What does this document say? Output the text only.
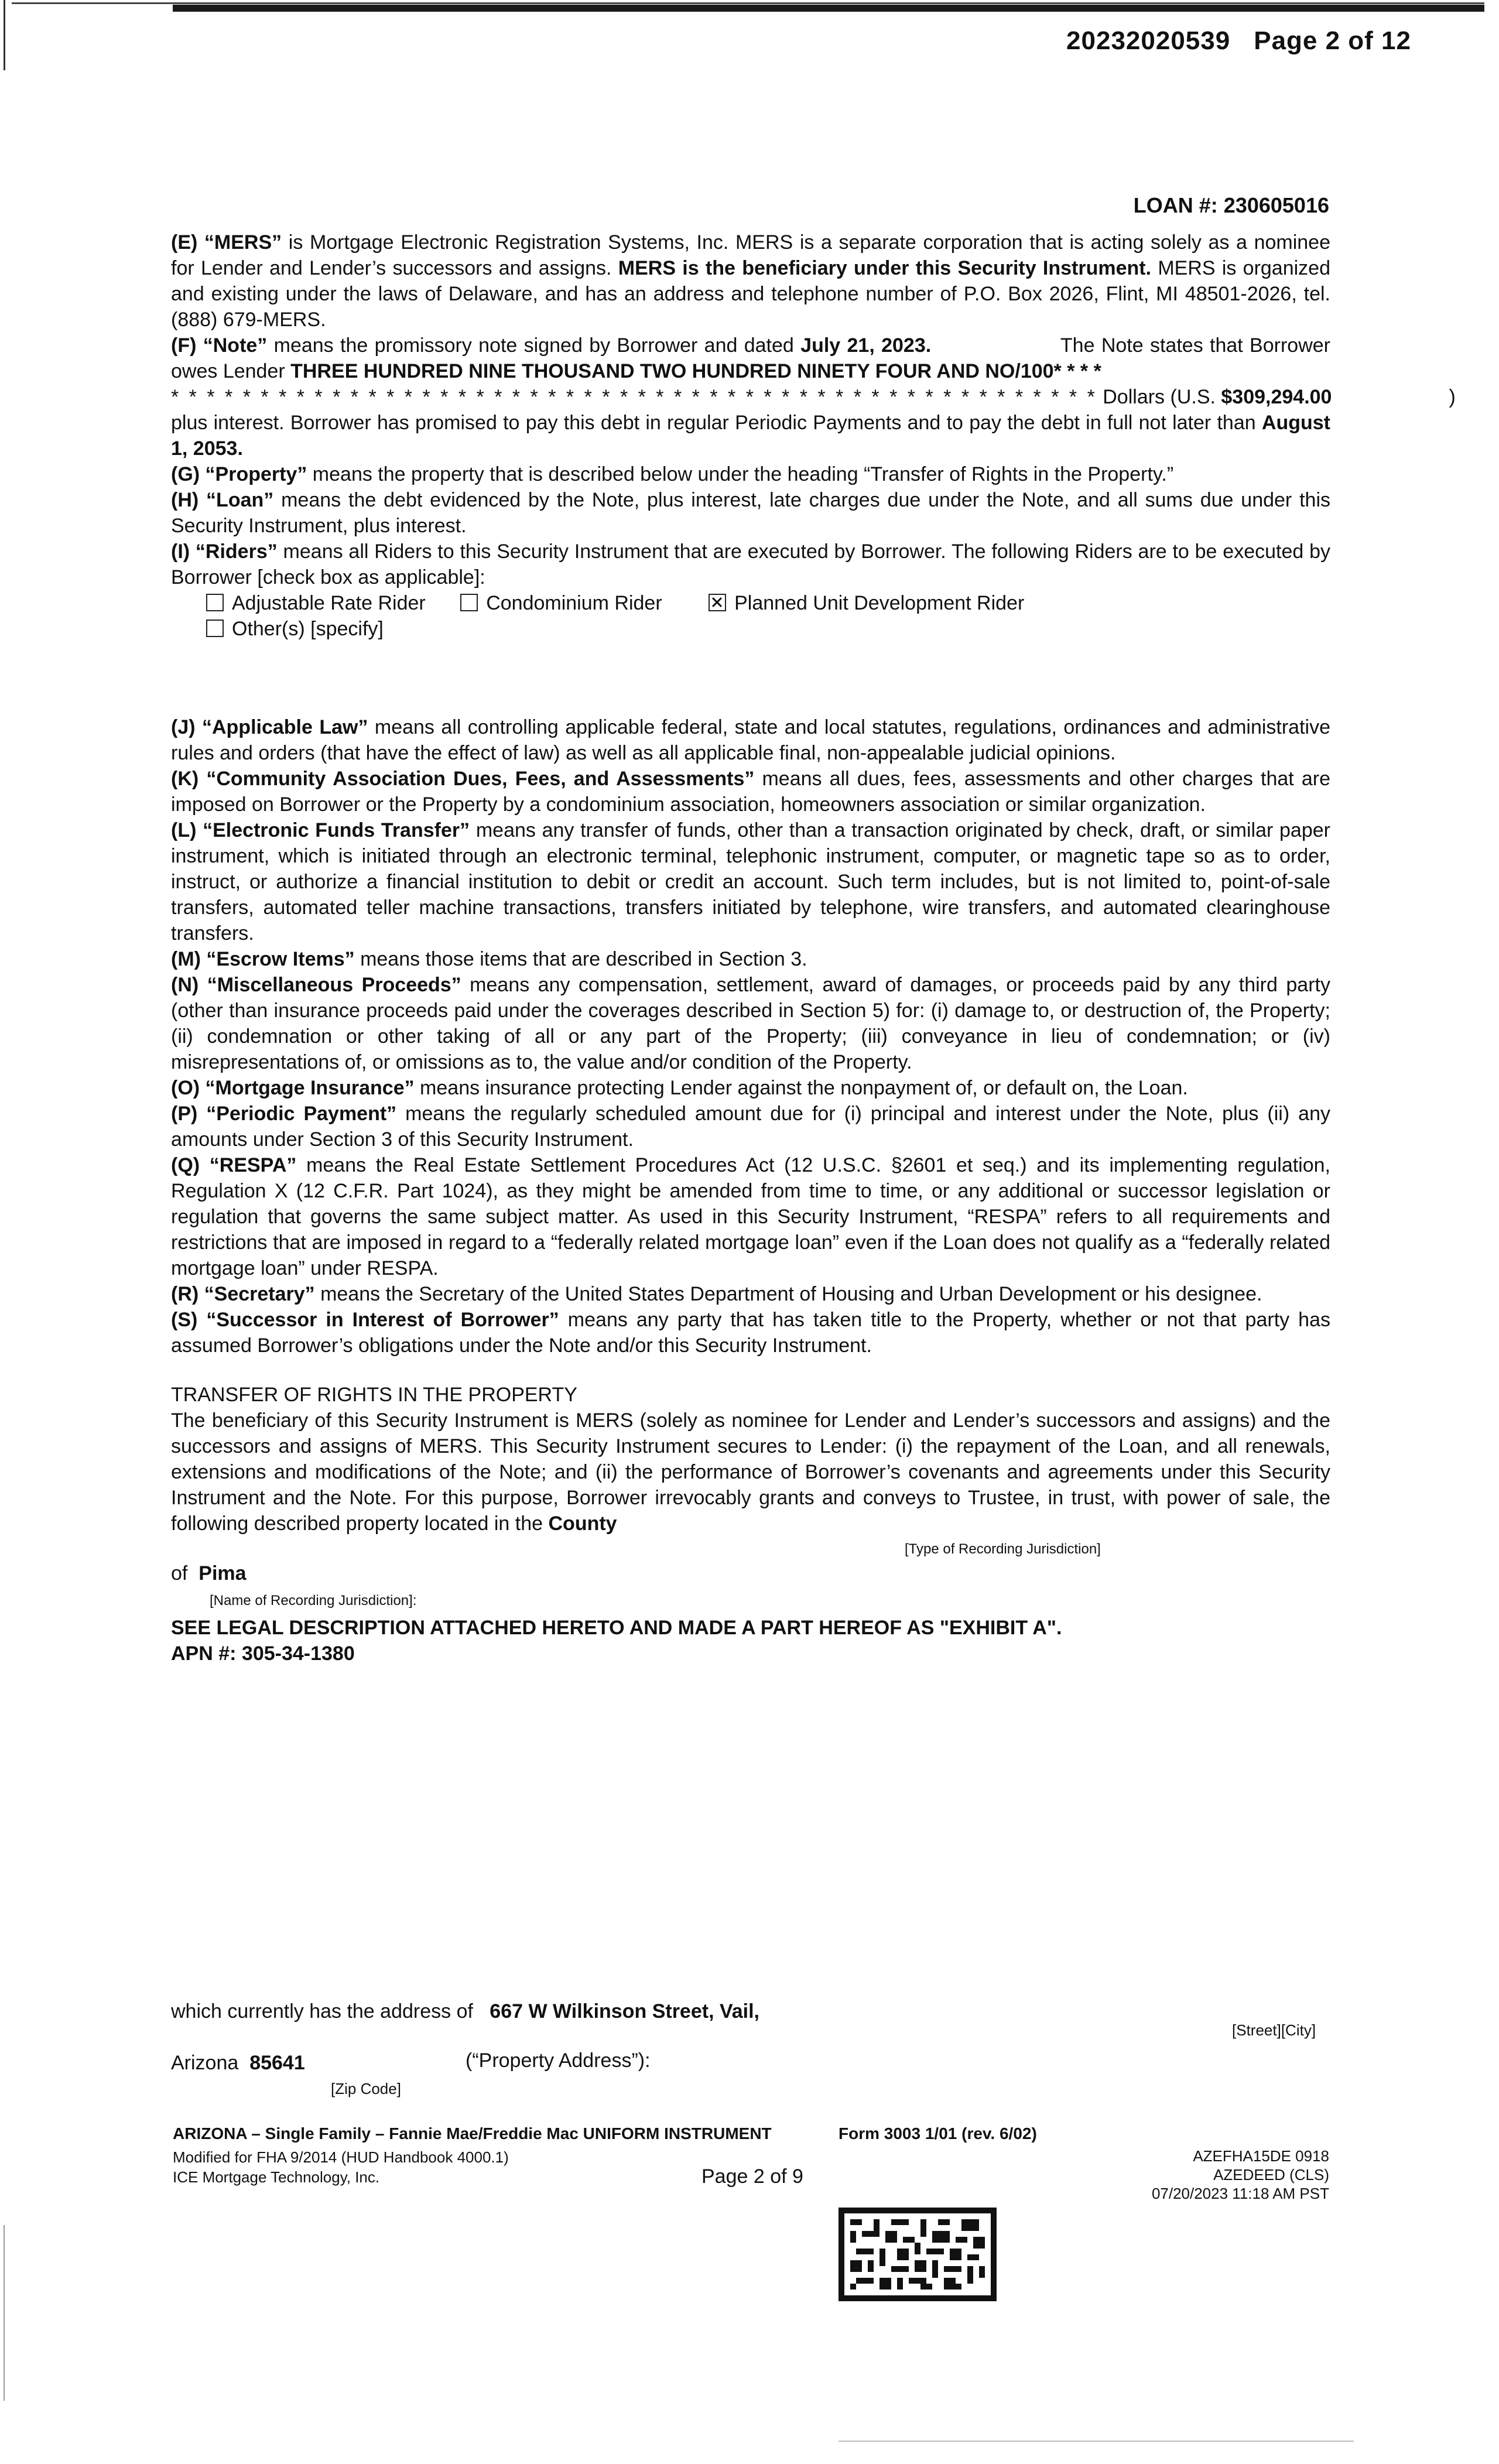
20232020539 Page 2 of 12
LOAN #: 230605016

(E) “MERS” is Mortgage Electronic Registration Systems, Inc. MERS is a separate corporation that is acting solely as a nominee for Lender and Lender’s successors and assigns. MERS is the beneficiary under this Security Instrument. MERS is organized and existing under the laws of Delaware, and has an address and telephone number of P.O. Box 2026, Flint, MI 48501-2026, tel. (888) 679-MERS.

(F) “Note” means the promissory note signed by Borrower and dated July 21, 2023.	The Note states that Borrower owes Lender THREE HUNDRED NINE THOUSAND TWO HUNDRED NINETY FOUR AND NO/100* * * *

* * * * * * * * * * * * * * * * * * * * * * * * * * * * * * * * * * * * * * * * * * * * * * * * * * * * Dollars (U.S. $309,294.00	)

plus interest. Borrower has promised to pay this debt in regular Periodic Payments and to pay the debt in full not later than August 1, 2053.

(G) “Property” means the property that is described below under the heading “Transfer of Rights in the Property.”

(H) “Loan” means the debt evidenced by the Note, plus interest, late charges due under the Note, and all sums due under this Security Instrument, plus interest.

(I) “Riders” means all Riders to this Security Instrument that are executed by Borrower. The following Riders are to be executed by Borrower [check box as applicable]:

Adjustable Rate Rider	Condominium Rider	Planned Unit Development Rider
Other(s) [specify]

(J) “Applicable Law” means all controlling applicable federal, state and local statutes, regulations, ordinances and administrative rules and orders (that have the effect of law) as well as all applicable final, non-appealable judicial opinions.

(K) “Community Association Dues, Fees, and Assessments” means all dues, fees, assessments and other charges that are imposed on Borrower or the Property by a condominium association, homeowners association or similar organization.

(L) “Electronic Funds Transfer” means any transfer of funds, other than a transaction originated by check, draft, or similar paper instrument, which is initiated through an electronic terminal, telephonic instrument, computer, or magnetic tape so as to order, instruct, or authorize a financial institution to debit or credit an account. Such term includes, but is not limited to, point-of-sale transfers, automated teller machine transactions, transfers initiated by telephone, wire transfers, and automated clearinghouse transfers.

(M) “Escrow Items” means those items that are described in Section 3.

(N) “Miscellaneous Proceeds” means any compensation, settlement, award of damages, or proceeds paid by any third party (other than insurance proceeds paid under the coverages described in Section 5) for: (i) damage to, or destruction of, the Property; (ii) condemnation or other taking of all or any part of the Property; (iii) conveyance in lieu of condemnation; or (iv) misrepresentations of, or omissions as to, the value and/or condition of the Property.

(O) “Mortgage Insurance” means insurance protecting Lender against the nonpayment of, or default on, the Loan.

(P) “Periodic Payment” means the regularly scheduled amount due for (i) principal and interest under the Note, plus (ii) any amounts under Section 3 of this Security Instrument.

(Q) “RESPA” means the Real Estate Settlement Procedures Act (12 U.S.C. §2601 et seq.) and its implementing regulation, Regulation X (12 C.F.R. Part 1024), as they might be amended from time to time, or any additional or successor legislation or regulation that governs the same subject matter. As used in this Security Instrument, “RESPA” refers to all requirements and restrictions that are imposed in regard to a “federally related mortgage loan” even if the Loan does not qualify as a “federally related mortgage loan” under RESPA.

(R) “Secretary” means the Secretary of the United States Department of Housing and Urban Development or his designee.

(S) “Successor in Interest of Borrower” means any party that has taken title to the Property, whether or not that party has assumed Borrower’s obligations under the Note and/or this Security Instrument.

TRANSFER OF RIGHTS IN THE PROPERTY

The beneficiary of this Security Instrument is MERS (solely as nominee for Lender and Lender’s successors and assigns) and the successors and assigns of MERS. This Security Instrument secures to Lender: (i) the repayment of the Loan, and all renewals, extensions and modifications of the Note; and (ii) the performance of Borrower’s covenants and agreements under this Security Instrument and the Note. For this purpose, Borrower irrevocably grants and conveys to Trustee, in trust, with power of sale, the following described property located in the County

[Type of Recording Jurisdiction]
of Pima
[Name of Recording Jurisdiction]:
SEE LEGAL DESCRIPTION ATTACHED HERETO AND MADE A PART HEREOF AS "EXHIBIT A".
APN #: 305-34-1380
which currently has the address of 667 W Wilkinson Street, Vail,
[Street][City]
Arizona 85641	(“Property Address”):
[Zip Code]
ARIZONA – Single Family – Fannie Mae/Freddie Mac UNIFORM INSTRUMENT	Form 3003 1/01 (rev. 6/02)
Modified for FHA 9/2014 (HUD Handbook 4000.1)
ICE Mortgage Technology, Inc.	Page 2 of 9
AZEFHA15DE 0918
AZEDEED (CLS)
07/20/2023 11:18 AM PST
